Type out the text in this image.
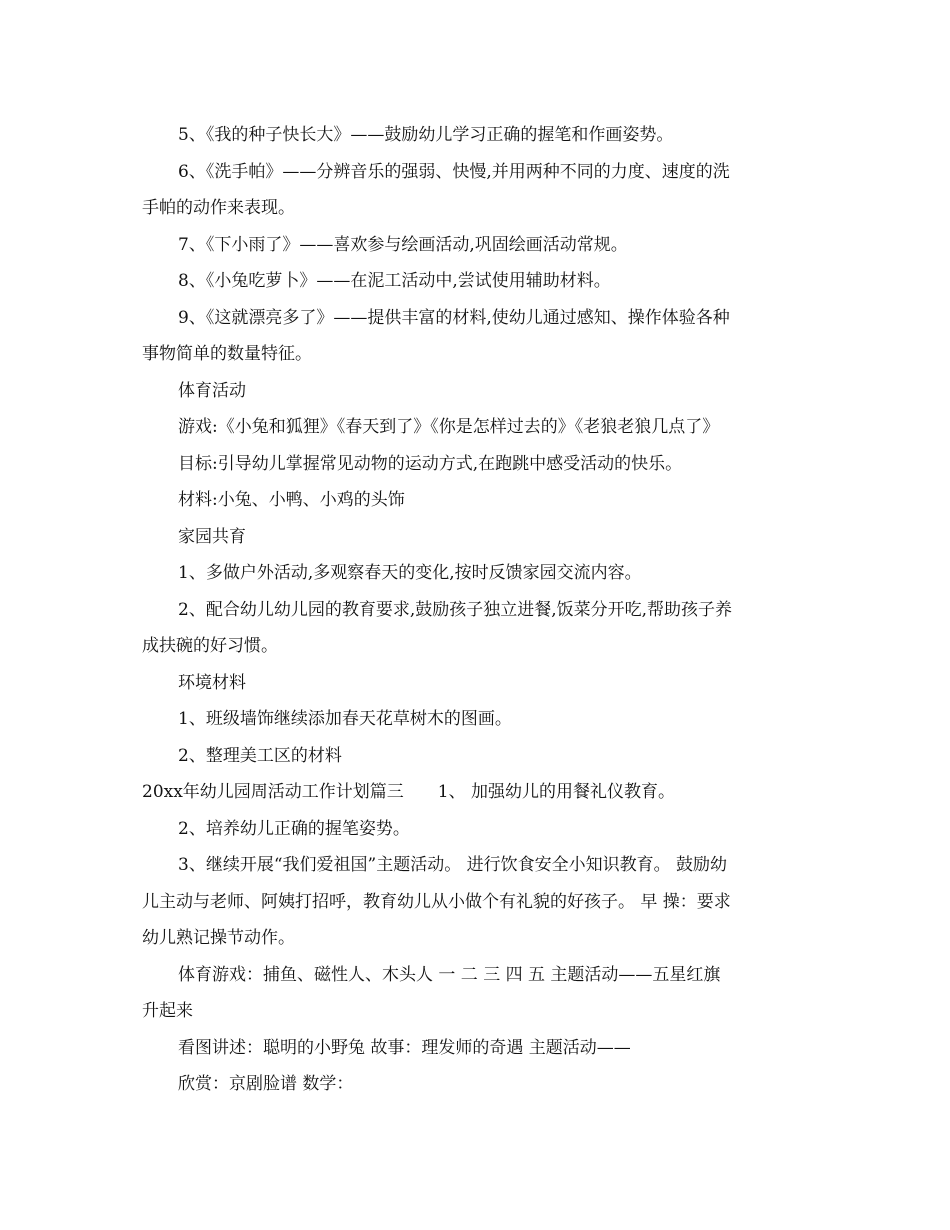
5、《我的种子快长大》——鼓励幼儿学习正确的握笔和作画姿势。
6、《洗手帕》——分辨音乐的强弱、快慢,并用两种不同的力度、速度的洗
手帕的动作来表现。
7、《下小雨了》——喜欢参与绘画活动,巩固绘画活动常规。
8、《小兔吃萝卜》——在泥工活动中,尝试使用辅助材料。
9、《这就漂亮多了》——提供丰富的材料,使幼儿通过感知、操作体验各种
事物简单的数量特征。
体育活动
游戏:《小兔和狐狸》《春天到了》《你是怎样过去的》《老狼老狼几点了》
目标:引导幼儿掌握常见动物的运动方式,在跑跳中感受活动的快乐。
材料:小兔、小鸭、小鸡的头饰
家园共育
1、多做户外活动,多观察春天的变化,按时反馈家园交流内容。
2、配合幼儿幼儿园的教育要求,鼓励孩子独立进餐,饭菜分开吃,帮助孩子养
成扶碗的好习惯。
环境材料
1、班级墙饰继续添加春天花草树木的图画。
2、整理美工区的材料
20xx年幼儿园周活动工作计划篇三　　1、 加强幼儿的用餐礼仪教育。
2、培养幼儿正确的握笔姿势。
3、继续开展“我们爱祖国”主题活动。 进行饮食安全小知识教育。 鼓励幼
儿主动与老师、阿姨打招呼，教育幼儿从小做个有礼貌的好孩子。 早 操：要求
幼儿熟记操节动作。
体育游戏：捕鱼、磁性人、木头人 一 二 三 四 五 主题活动——五星红旗
升起来
看图讲述：聪明的小野兔 故事：理发师的奇遇 主题活动——
欣赏：京剧脸谱 数学：
